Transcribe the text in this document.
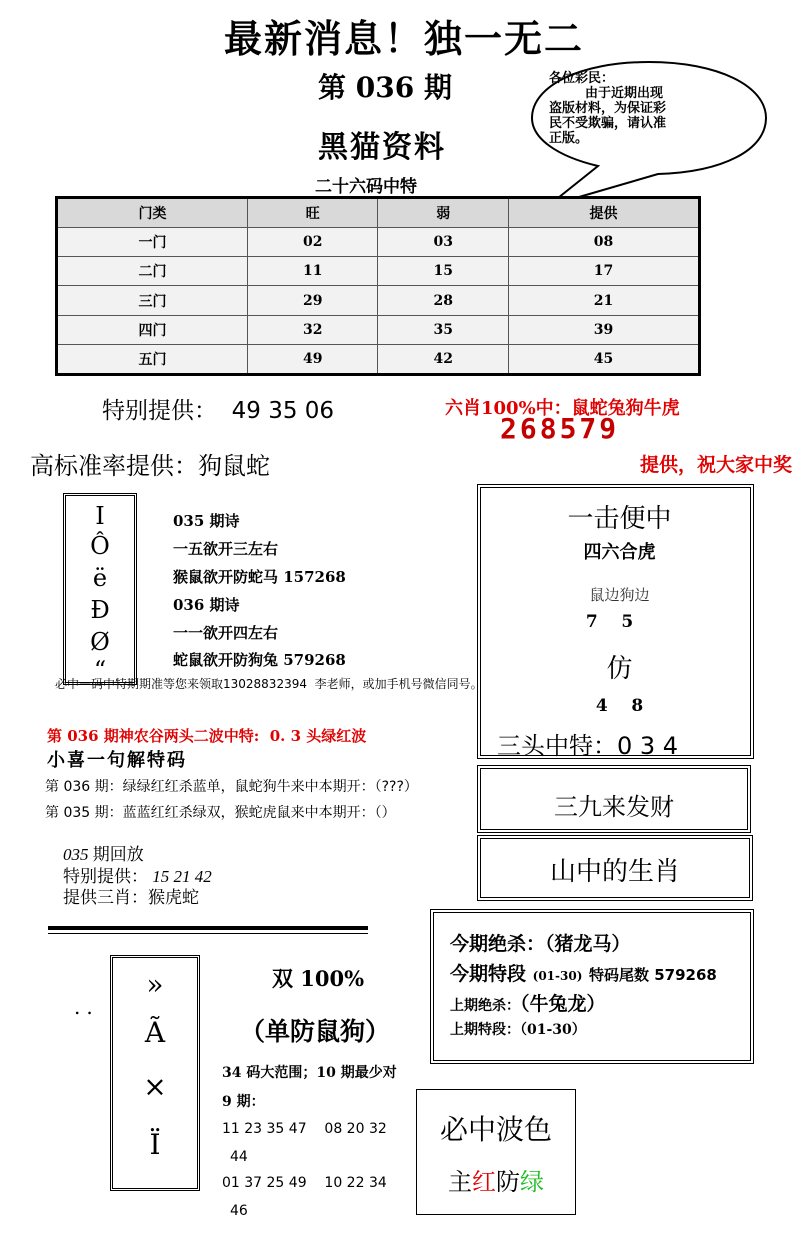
最新消息！独一无二
第 036 期
黑猫资料
二十六码中特
各位彩民：
由于近期出现
盗版材料，为保证彩
民不受欺骗，请认准
正版。
门类	旺	弱	提供
一门	02	03	08
二门	11	15	17
三门	29	28	21
四门	32	35	39
五门	49	42	45
特别提供：  49 35 06	六肖100%中：鼠蛇兔狗牛虎
268579
高标准率提供：狗鼠蛇	提供，祝大家中奖
I
Ô
ë
Ð
Ø
“
035 期诗
一五欲开三左右
猴鼠欲开防蛇马 157268
036 期诗
一一欲开四左右
蛇鼠欲开防狗兔 579268
必中一码中特期期准等您来领取13028832394  李老师，或加手机号微信同号。
一击便中
四六合虎
鼠边狗边
7    5
仿
4    8
三头中特：0 3 4
三九来发财
山中的生肖
第 036 期神农谷两头二波中特:  0. 3 头绿红波
小喜一句解特码
第 036 期：绿绿红红杀蓝单，鼠蛇狗牛来中本期开：（???）
第 035 期：蓝蓝红红杀绿双，猴蛇虎鼠来中本期开：（）
035 期回放
特别提供： 15 21 42
提供三肖：猴虎蛇
今期绝杀：（猪龙马）
今期特段 (01-30) 特码尾数 579268
上期绝杀：（牛兔龙）
上期特段：（01-30）
»
Ã
×
Ï
..
双 100%
（单防鼠狗）
34 码大范围；10 期最少对
9 期：
11 23 35 47    08 20 32
44
01 37 25 49    10 22 34
46
必中波色
主红防绿
